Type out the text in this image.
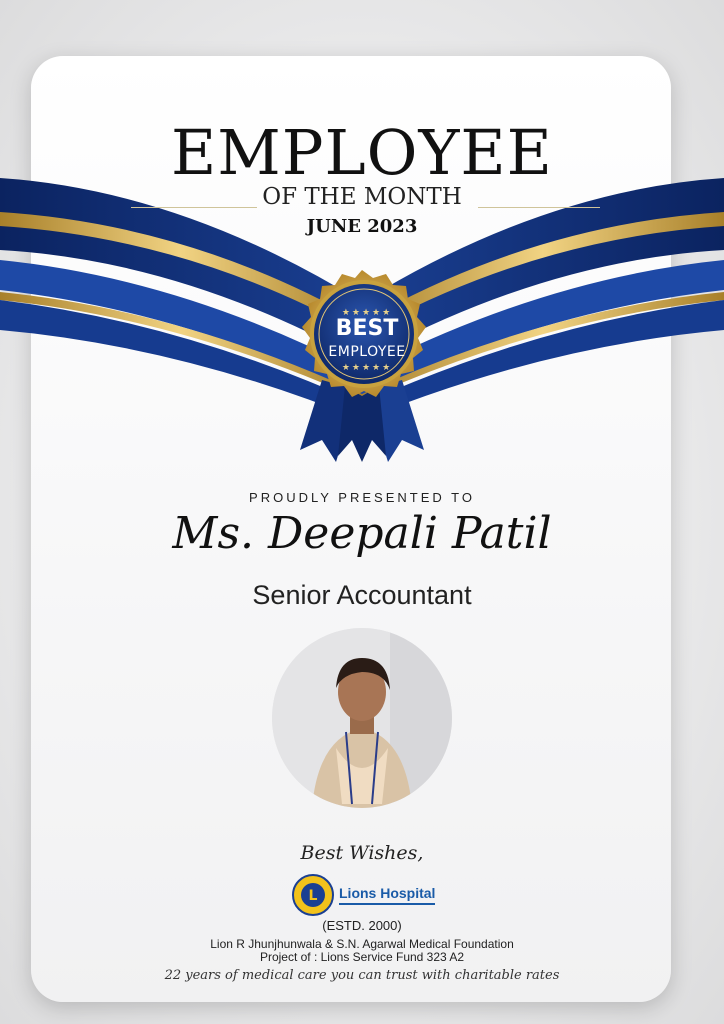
EMPLOYEE
OF THE MONTH
JUNE 2023
★★★★★
BEST
EMPLOYEE
★★★★★
PROUDLY PRESENTED TO
Ms. Deepali Patil
Senior Accountant
Best Wishes,
L Lions Hospital
(ESTD. 2000)
Lion R Jhunjhunwala & S.N. Agarwal Medical Foundation
Project of : Lions Service Fund 323 A2
22 years of medical care you can trust with charitable rates
